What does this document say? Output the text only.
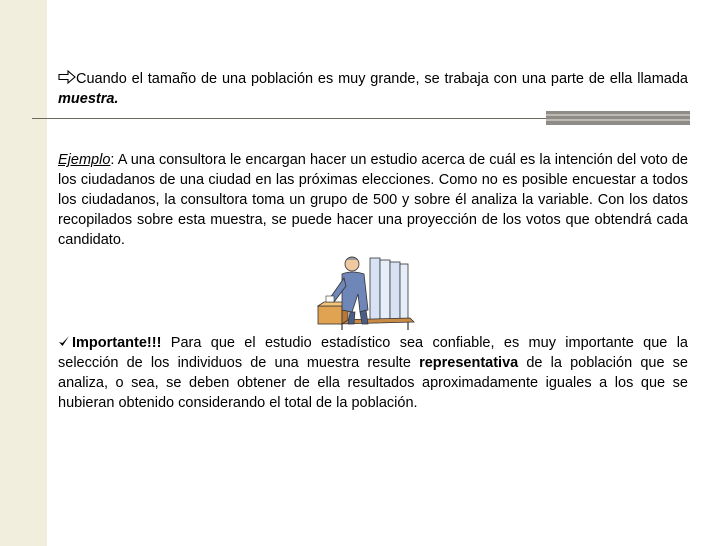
Cuando el tamaño de una población es muy grande, se trabaja con una parte de ella llamada muestra.
Ejemplo: A una consultora le encargan hacer un estudio acerca de cuál es la intención del voto de los ciudadanos de una ciudad en las próximas elecciones. Como no es posible encuestar a todos los ciudadanos, la consultora toma un grupo de 500 y sobre él analiza la variable. Con los datos recopilados sobre esta muestra, se puede hacer una proyección de los votos que obtendrá cada candidato.
Importante!!! Para que el estudio estadístico sea confiable, es muy importante que la selección de los individuos de una muestra resulte representativa de la población que se analiza, o sea, se deben obtener de ella resultados aproximadamente iguales a los que se hubieran obtenido considerando el total de la población.
